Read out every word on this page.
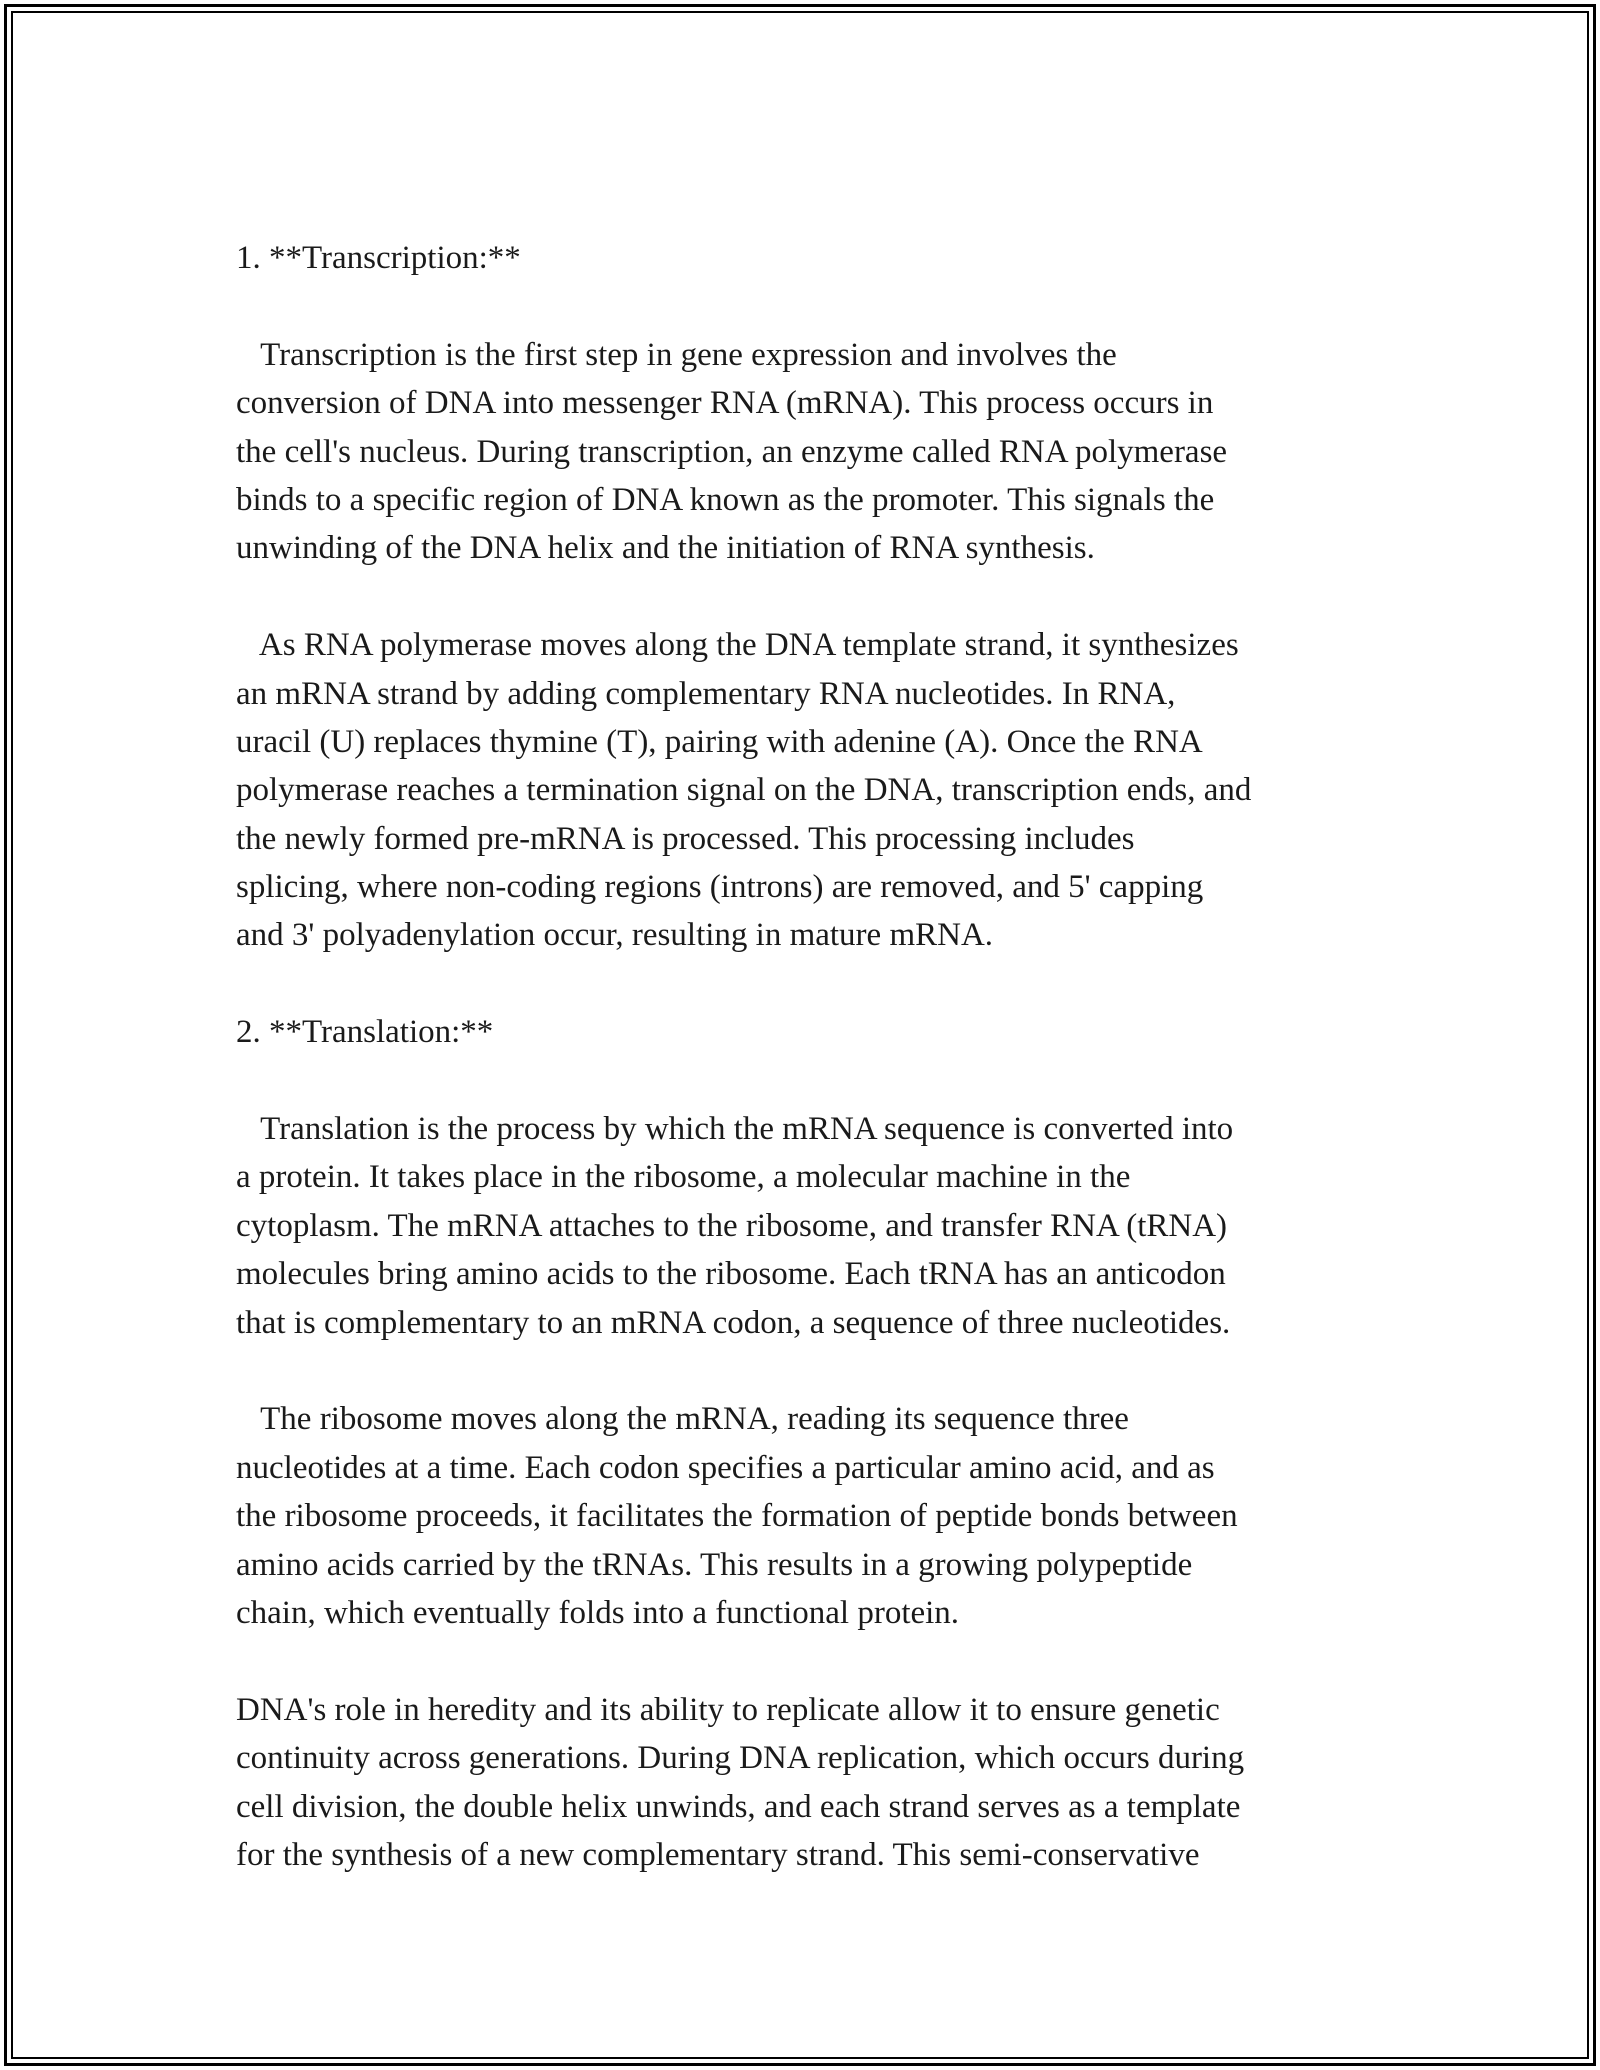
1. **Transcription:**
Transcription is the first step in gene expression and involves the
conversion of DNA into messenger RNA (mRNA). This process occurs in
the cell's nucleus. During transcription, an enzyme called RNA polymerase
binds to a specific region of DNA known as the promoter. This signals the
unwinding of the DNA helix and the initiation of RNA synthesis.
As RNA polymerase moves along the DNA template strand, it synthesizes
an mRNA strand by adding complementary RNA nucleotides. In RNA,
uracil (U) replaces thymine (T), pairing with adenine (A). Once the RNA
polymerase reaches a termination signal on the DNA, transcription ends, and
the newly formed pre-mRNA is processed. This processing includes
splicing, where non-coding regions (introns) are removed, and 5' capping
and 3' polyadenylation occur, resulting in mature mRNA.
2. **Translation:**
Translation is the process by which the mRNA sequence is converted into
a protein. It takes place in the ribosome, a molecular machine in the
cytoplasm. The mRNA attaches to the ribosome, and transfer RNA (tRNA)
molecules bring amino acids to the ribosome. Each tRNA has an anticodon
that is complementary to an mRNA codon, a sequence of three nucleotides.
The ribosome moves along the mRNA, reading its sequence three
nucleotides at a time. Each codon specifies a particular amino acid, and as
the ribosome proceeds, it facilitates the formation of peptide bonds between
amino acids carried by the tRNAs. This results in a growing polypeptide
chain, which eventually folds into a functional protein.
DNA's role in heredity and its ability to replicate allow it to ensure genetic
continuity across generations. During DNA replication, which occurs during
cell division, the double helix unwinds, and each strand serves as a template
for the synthesis of a new complementary strand. This semi-conservative
